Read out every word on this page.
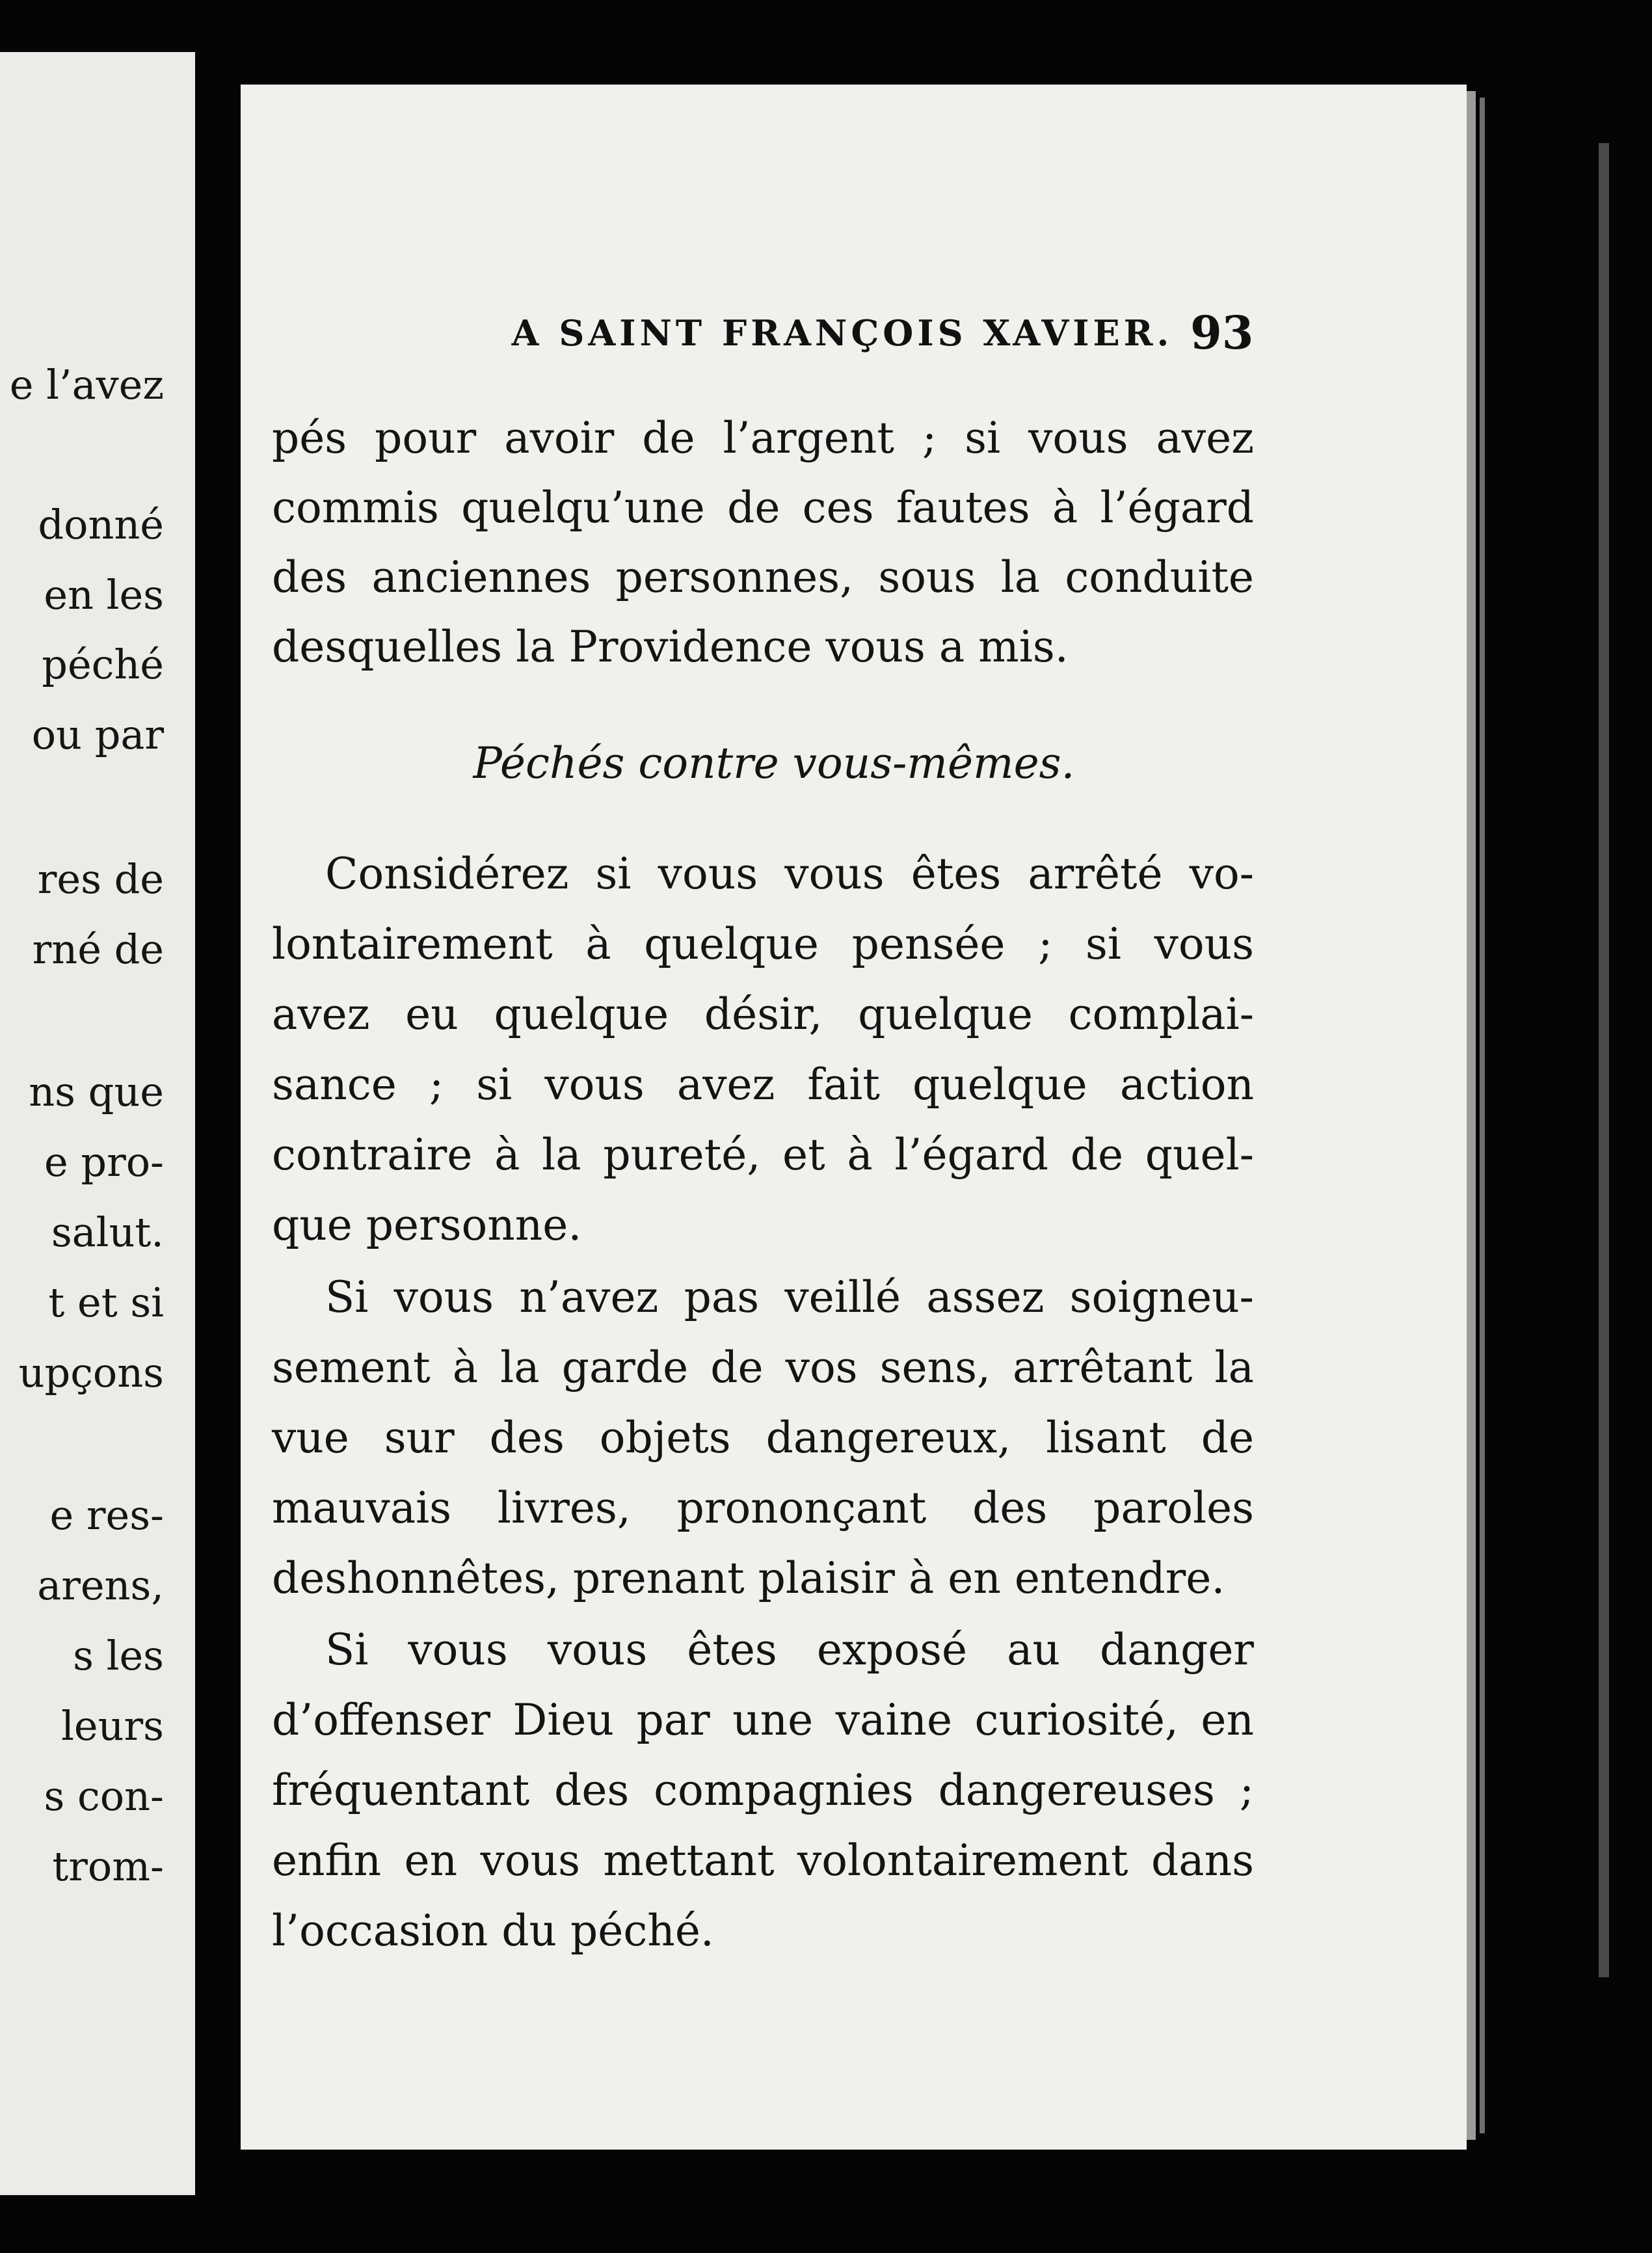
e l’avez
donné
en les
péché
ou par
res de
rné de
ns que
e pro-
salut.
t et si
upçons
e res-
arens,
s les
leurs
s con-
trom-
A SAINT FRANÇOIS XAVIER. 93
pés pour avoir de l’argent ; si vous avez
commis quelqu’une de ces fautes à l’égard
des anciennes personnes, sous la conduite
desquelles la Providence vous a mis.
Péchés contre vous-mêmes.
Considérez si vous vous êtes arrêté vo-
lontairement à quelque pensée ; si vous
avez eu quelque désir, quelque complai-
sance ; si vous avez fait quelque action
contraire à la pureté, et à l’égard de quel-
que personne.
Si vous n’avez pas veillé assez soigneu-
sement à la garde de vos sens, arrêtant la
vue sur des objets dangereux, lisant de
mauvais livres, prononçant des paroles
deshonnêtes, prenant plaisir à en entendre.
Si vous vous êtes exposé au danger
d’offenser Dieu par une vaine curiosité, en
fréquentant des compagnies dangereuses ;
enfin en vous mettant volontairement dans
l’occasion du péché.
